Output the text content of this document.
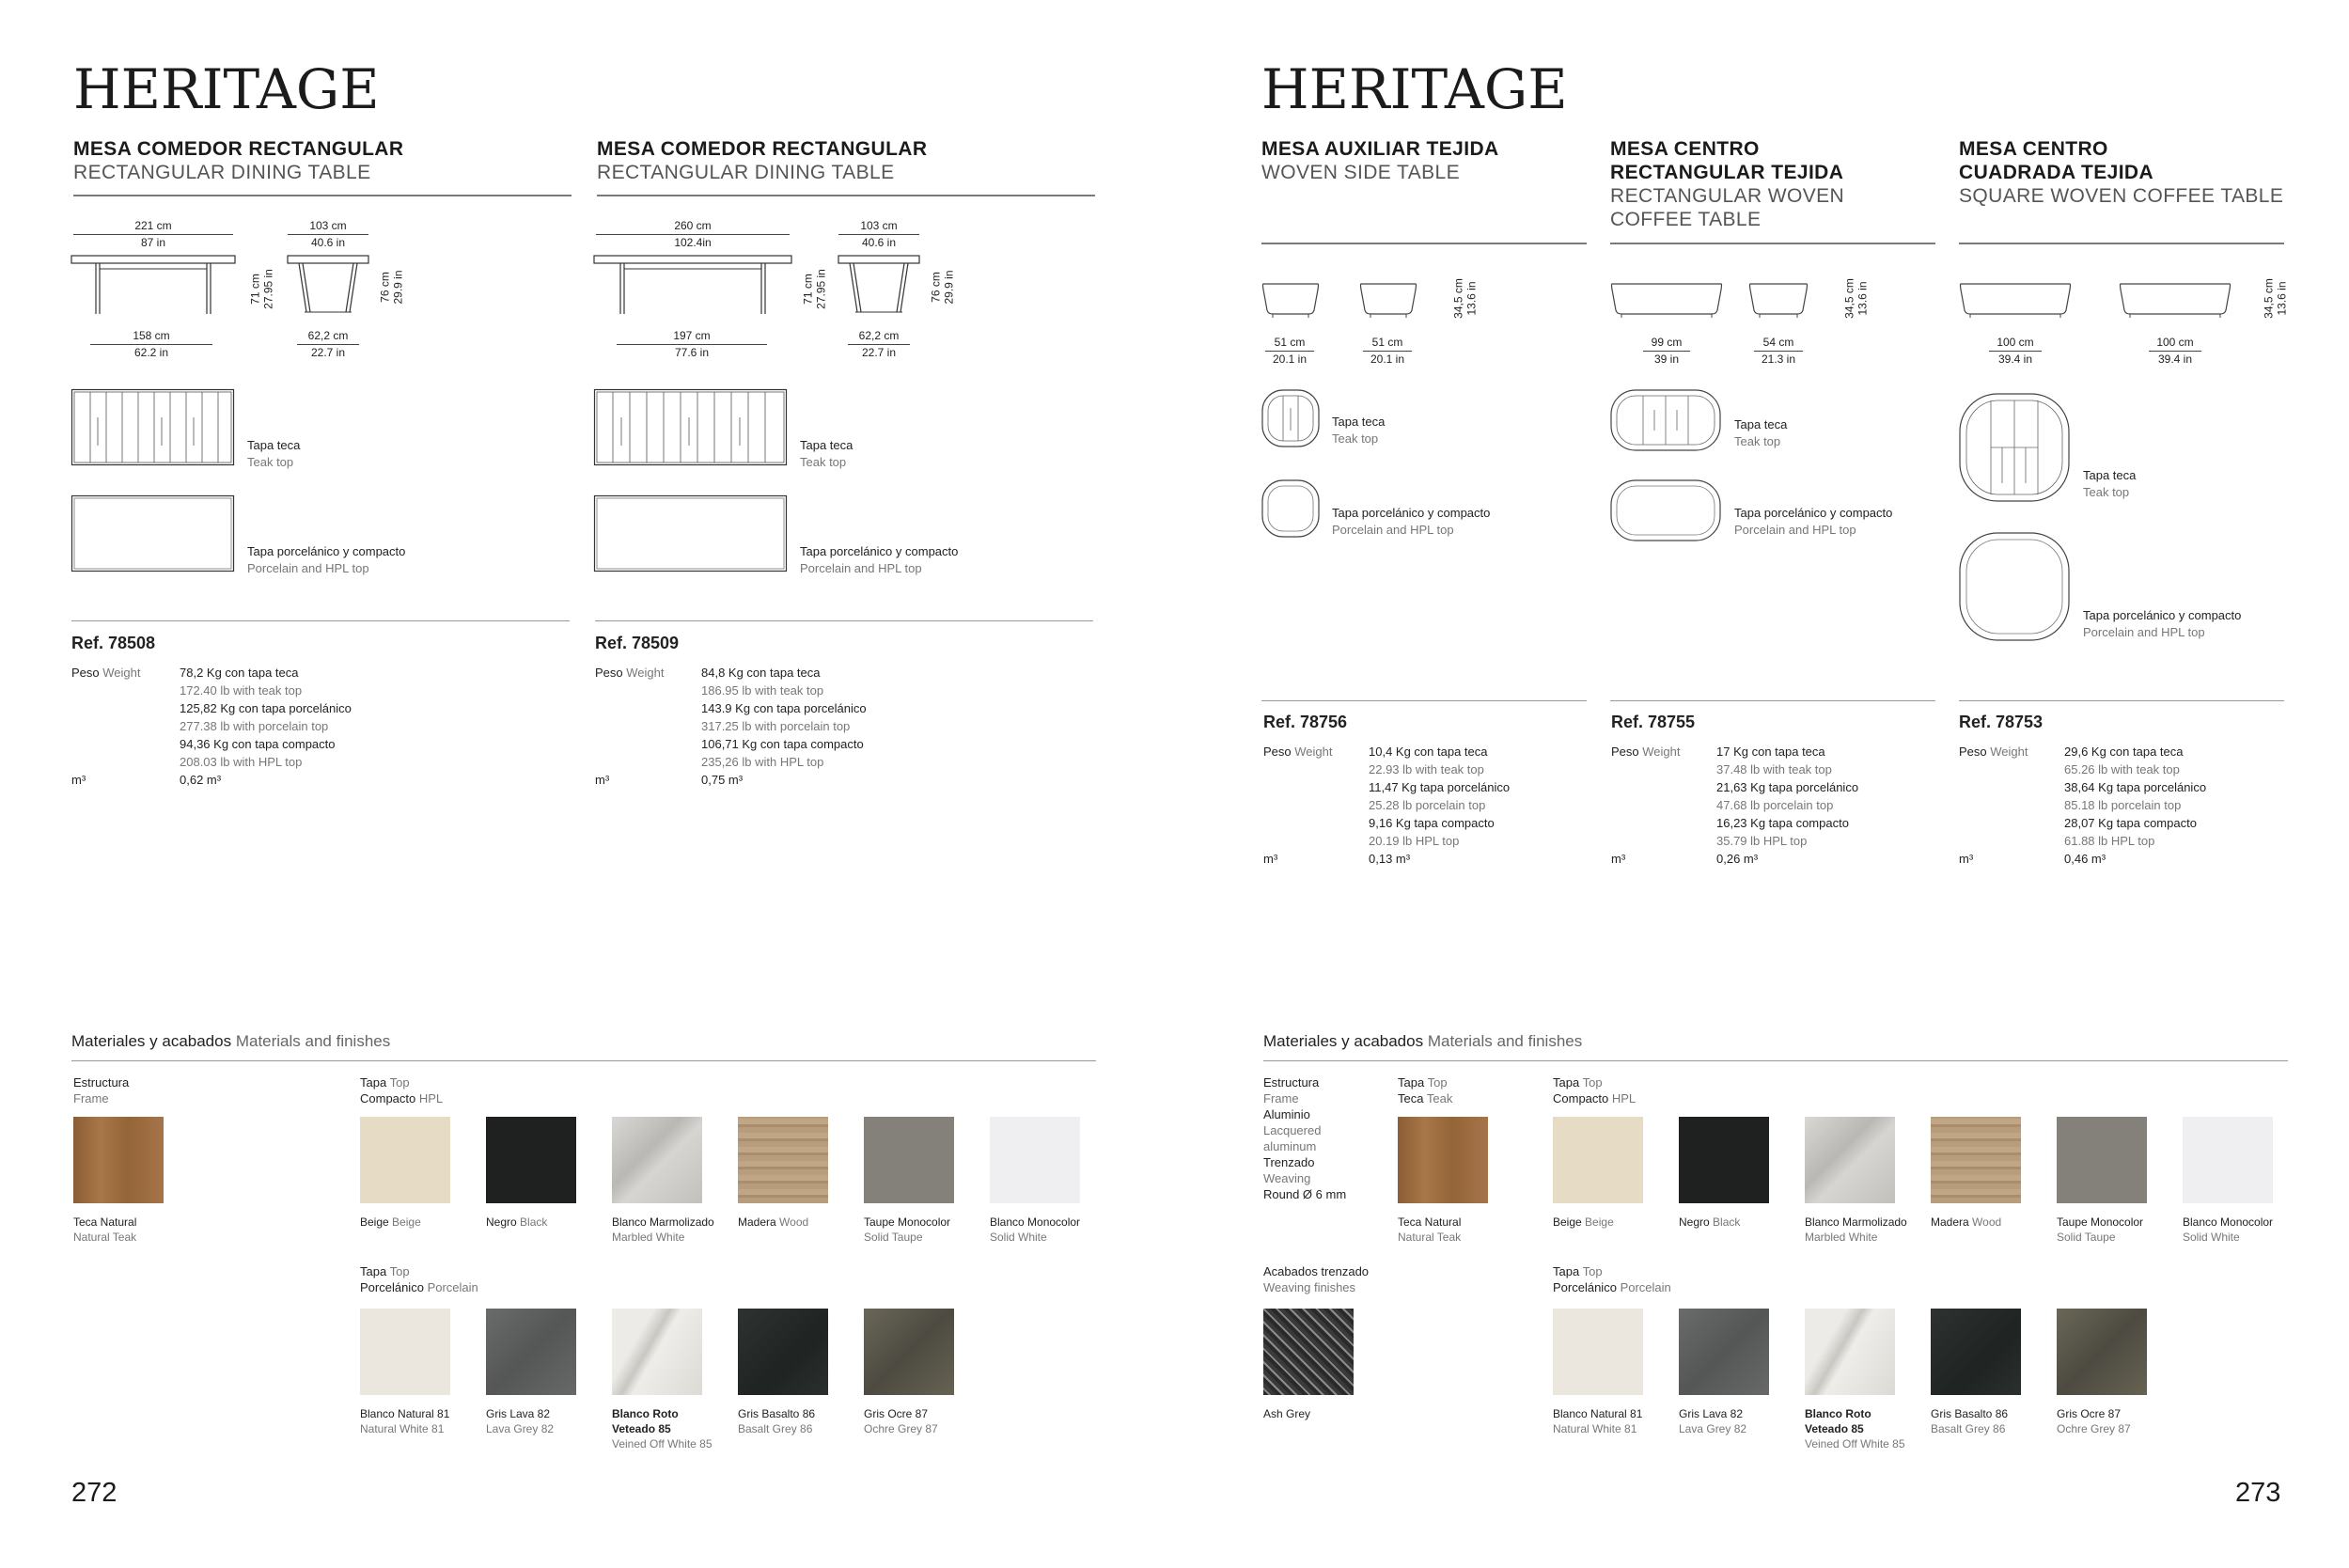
HERITAGE
MESA COMEDOR RECTANGULAR
RECTANGULAR DINING TABLE
MESA COMEDOR RECTANGULAR
RECTANGULAR DINING TABLE
221 cm
87 in
158 cm
62.2 in
71 cm 27.95 in
103 cm
40.6 in
62,2 cm
22.7 in
76 cm 29.9 in
Tapa teca
Teak top
Tapa porcelánico y compacto
Porcelain and HPL top
260 cm
102.4in
197 cm
77.6 in
71 cm 27.95 in
103 cm
40.6 in
62,2 cm
22.7 in
76 cm 29.9 in
Tapa teca
Teak top
Tapa porcelánico y compacto
Porcelain and HPL top
Ref. 78508
Peso Weight	78,2 Kg con tapa teca
172.40 lb with teak top
125,82 Kg con tapa porcelánico
277.38 lb with porcelain top
94,36 Kg con tapa compacto
208.03 lb with HPL top
m³	0,62 m³
Ref. 78509
Peso Weight	84,8 Kg con tapa teca
186.95 lb with teak top
143.9 Kg con tapa porcelánico
317.25 lb with porcelain top
106,71 Kg con tapa compacto
235,26 lb with HPL top
m³	0,75 m³
Materiales y acabados Materials and finishes
Estructura
Frame
Teca Natural
Natural Teak
Tapa Top
Compacto HPL
Beige Beige	Negro Black	Blanco Marmolizado
Marbled White
Madera Wood	Taupe Monocolor
Solid Taupe
Blanco Monocolor
Solid White
Tapa Top
Porcelánico Porcelain
Blanco Natural 81
Natural White 81
Gris Lava 82
Lava Grey 82
Blanco Roto
Veteado 85
Veined Off White 85
Gris Basalto 86
Basalt Grey 86
Gris Ocre 87
Ochre Grey 87
272
HERITAGE
MESA AUXILIAR TEJIDA
WOVEN SIDE TABLE
MESA CENTRO
RECTANGULAR TEJIDA
RECTANGULAR WOVEN
COFFEE TABLE
MESA CENTRO
CUADRADA TEJIDA
SQUARE WOVEN COFFEE TABLE
34,5 cm 13.6 in
51 cm
20.1 in
51 cm
20.1 in
Tapa teca
Teak top
Tapa porcelánico y compacto
Porcelain and HPL top
34,5 cm 13.6 in
99 cm
39 in
54 cm
21.3 in
Tapa teca
Teak top
Tapa porcelánico y compacto
Porcelain and HPL top
34,5 cm 13.6 in
100 cm
39.4 in
100 cm
39.4 in
Tapa teca
Teak top
Tapa porcelánico y compacto
Porcelain and HPL top
Ref. 78756
Peso Weight	10,4 Kg con tapa teca
22.93 lb with teak top
11,47 Kg tapa porcelánico
25.28 lb porcelain top
9,16 Kg tapa compacto
20.19 lb HPL top
m³	0,13 m³
Ref. 78755
Peso Weight	17 Kg con tapa teca
37.48 lb with teak top
21,63 Kg tapa porcelánico
47.68 lb porcelain top
16,23 Kg tapa compacto
35.79 lb HPL top
m³	0,26 m³
Ref. 78753
Peso Weight	29,6 Kg con tapa teca
65.26 lb with teak top
38,64 Kg tapa porcelánico
85.18 lb porcelain top
28,07 Kg tapa compacto
61.88 lb HPL top
m³	0,46 m³
Materiales y acabados Materials and finishes
Estructura
Frame
Aluminio
Lacquered
aluminum
Trenzado
Weaving
Round Ø 6 mm
Tapa Top
Teca Teak
Teca Natural
Natural Teak
Tapa Top
Compacto HPL
Beige Beige	Negro Black	Blanco Marmolizado
Marbled White
Madera Wood	Taupe Monocolor
Solid Taupe
Blanco Monocolor
Solid White
Acabados trenzado
Weaving finishes
Ash Grey
Tapa Top
Porcelánico Porcelain
Blanco Natural 81
Natural White 81
Gris Lava 82
Lava Grey 82
Blanco Roto
Veteado 85
Veined Off White 85
Gris Basalto 86
Basalt Grey 86
Gris Ocre 87
Ochre Grey 87
273
